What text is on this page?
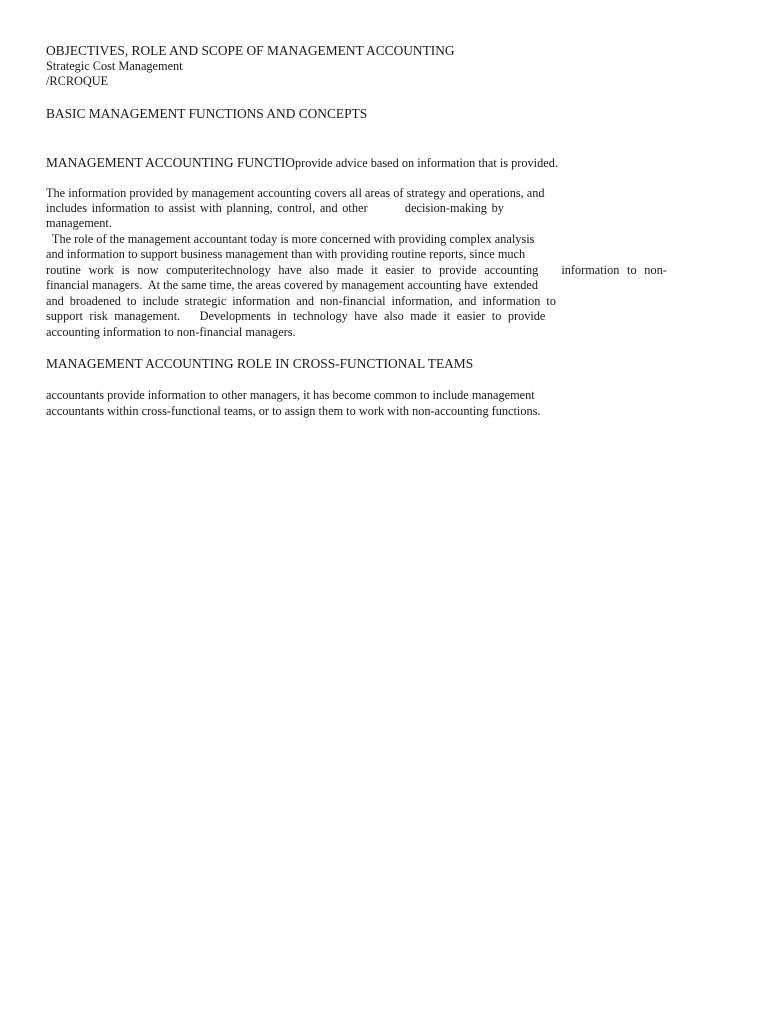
OBJECTIVES, ROLE AND SCOPE OF MANAGEMENT ACCOUNTING
Strategic Cost Management
/RCROQUE
BASIC MANAGEMENT FUNCTIONS AND CONCEPTS
MANAGEMENT ACCOUNTING FUNCTIOprovide advice based on information that is provided.
The information provided by management accounting covers all areas of strategy and operations, and
includes information to assist with planning, control, and other        decision-making by
management.
The role of the management accountant today is more concerned with providing complex analysis
and information to support business management than with providing routine reports, since much
routine work is now computeritechnology have also made it easier to provide accounting   information to non-
financial managers.  At the same time, the areas covered by management accounting have  extended
and broadened to include strategic information and non-financial information, and information to
support risk management.   Developments in technology have also made it easier to provide
accounting information to non-financial managers.
MANAGEMENT ACCOUNTING ROLE IN CROSS-FUNCTIONAL TEAMS
accountants provide information to other managers, it has become common to include management
accountants within cross-functional teams, or to assign them to work with non-accounting functions.
